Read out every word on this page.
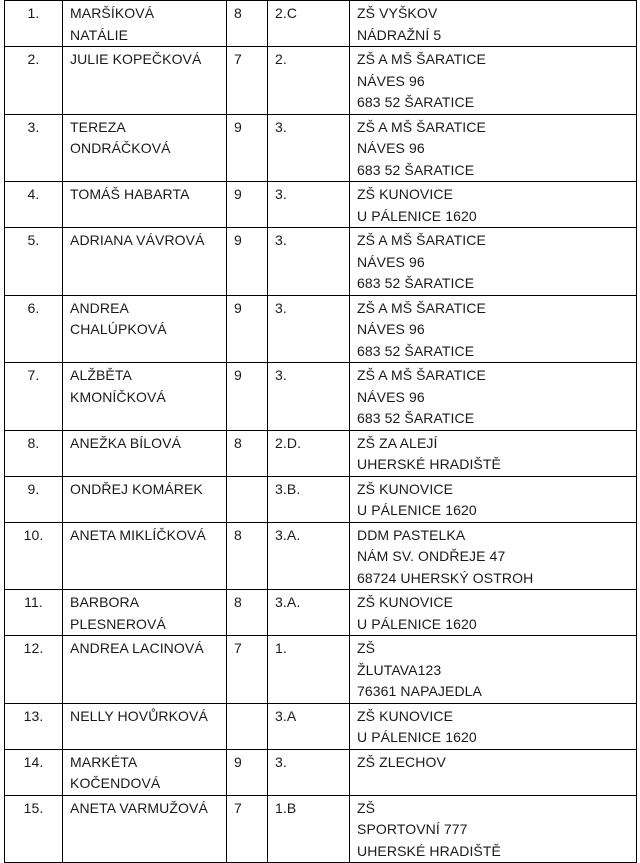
1.	MARŠÍKOVÁ
NATÁLIE	8	2.C	ZŠ VYŠKOV
NÁDRAŽNÍ 5

2.	JULIE KOPEČKOVÁ	7	2.	ZŠ A MŠ ŠARATICE
NÁVES 96
683 52 ŠARATICE

3.	TEREZA
ONDRÁČKOVÁ	9	3.	ZŠ A MŠ ŠARATICE
NÁVES 96
683 52 ŠARATICE

4.	TOMÁŠ HABARTA	9	3.	ZŠ KUNOVICE
U PÁLENICE 1620

5.	ADRIANA VÁVROVÁ	9	3.	ZŠ A MŠ ŠARATICE
NÁVES 96
683 52 ŠARATICE

6.	ANDREA
CHALÚPKOVÁ	9	3.	ZŠ A MŠ ŠARATICE
NÁVES 96
683 52 ŠARATICE

7.	ALŽBĚTA
KMONÍČKOVÁ	9	3.	ZŠ A MŠ ŠARATICE
NÁVES 96
683 52 ŠARATICE

8.	ANEŽKA BÍLOVÁ	8	2.D.	ZŠ ZA ALEJÍ
UHERSKÉ HRADIŠTĚ

9.	ONDŘEJ KOMÁREK		3.B.	ZŠ KUNOVICE
U PÁLENICE 1620

10.	ANETA MIKLÍČKOVÁ	8	3.A.	DDM PASTELKA
NÁM SV. ONDŘEJE 47
68724 UHERSKÝ OSTROH

11.	BARBORA
PLESNEROVÁ	8	3.A.	ZŠ KUNOVICE
U PÁLENICE 1620

12.	ANDREA LACINOVÁ	7	1.	ZŠ
ŽLUTAVA123
76361 NAPAJEDLA

13.	NELLY HOVŮRKOVÁ		3.A	ZŠ KUNOVICE
U PÁLENICE 1620

14.	MARKÉTA
KOČENDOVÁ	9	3.	ZŠ ZLECHOV

15.	ANETA VARMUŽOVÁ	7	1.B	ZŠ
SPORTOVNÍ 777
UHERSKÉ HRADIŠTĚ
